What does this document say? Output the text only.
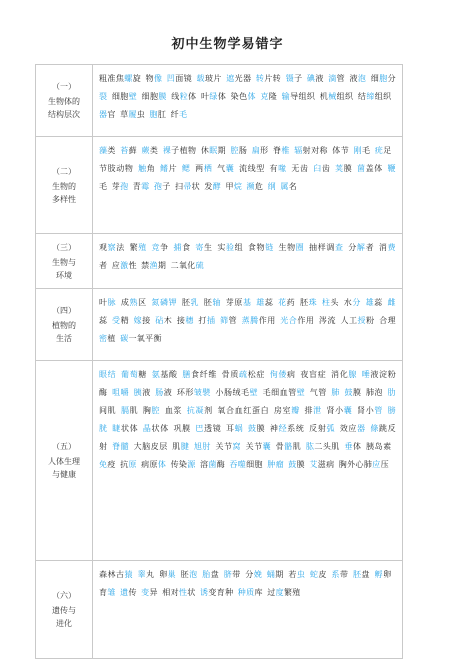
初中生物学易错字
（一）
生物体的
结构层次
粗准焦螺旋  物像  凹面镜  载玻片  遮光器  转片转  镊子  碘液  滴管  液泡  细胞分裂  细胞壁  细胞膜  线粒体  叶绿体  染色体  克隆  输导组织  机械组织  结缔组织 器官  草履虫  胞肛  纤毛 
（二）
生物的
多样性
藻类  苔藓  蕨类  裸子植物  休眠期  腔肠  扁形  脊椎  辐射对称  体节  刚毛  疣足 节肢动物  触角  鳍片  鳃  两栖  气囊  流线型  有喙  无齿  臼齿  荚膜  菌盖体  鞭毛  芽孢  青霉  孢子  扫帚状  发酵  甲烷  濒危  纲  属名 
（三）
生物与
环境
观察法  繁殖  竞争  捕食  寄生  实验组  食物链  生物圈  抽样调查  分解者  消费者  应激性  禁渔期  二氧化硫 
（四）
植物的
生活
叶脉  成熟区  氮磷钾  胚乳  胚轴  芽原基  雄蕊  花药  胚珠  柱头  水分  雄蕊  雌蕊  受精  嫁接  砧木  接穗  打插  筛管  蒸腾作用  光合作用  涔流  人工授粉  合理密植  碳一氧平衡 
（五）
人体生理
与健康
眼结  葡萄糖  氨基酸  膳食纤维  骨质疏松症  佝偻病  夜盲症  消化腺  唾液淀粉酶  咀嚼  胰液  肠液  环形皱襞  小肠绒毛壁  毛细血管壁  气管  肺  鼓膜  肺泡  肋间肌  膈肌  胸腔  血浆  抗凝剂  氧合血红蛋白  房室瓣  排泄  肾小囊  肾小管  膀胱  睫状体  晶状体  巩膜  巴透镜  耳蜗  鼓膜  神经系统  反射弧  效应器  條跳反射  脊髓  大脑皮层  肌腱  旭肘  关节窝  关节囊  骨骼肌  肱二头肌  垂体  胰岛素 免疫  抗原  病原体  传染源  溶菌酶  吞噬细胞  肿瘤  鼓膜  艾滋病  胸外心肺应压 
（六）
遗传与
进化
森林古猿  睾丸  卵巢  胚泡  胎盘  脐带  分娩  蛹期  若虫  蛇皮  系带  胚盘  孵卵 育雏  遗传  变异  相对性状  诱变育种  种质库  过度繁殖 
